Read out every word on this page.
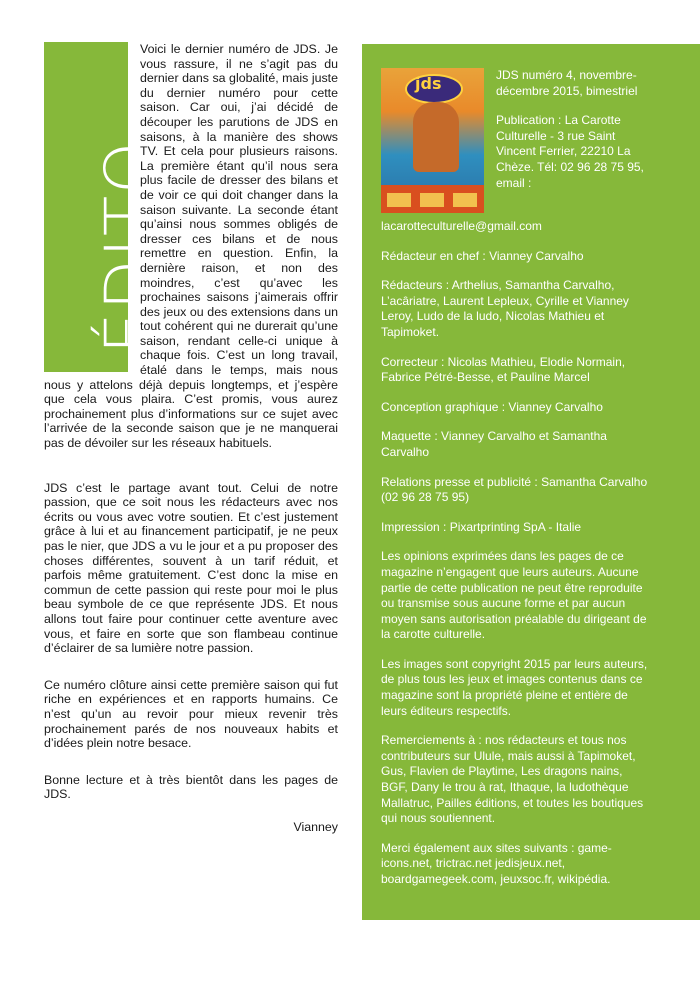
ÉDITO

Voici le dernier numéro de JDS. Je vous rassure, il ne s’agit pas du dernier dans sa globalité, mais juste du dernier numéro pour cette saison. Car oui, j’ai décidé de découper les parutions de JDS en saisons, à la manière des shows TV. Et cela pour plusieurs raisons. La première étant qu’il nous sera plus facile de dresser des bilans et de voir ce qui doit changer dans la saison suivante. La seconde étant qu’ainsi nous sommes obligés de dresser ces bilans et de nous remettre en question. Enfin, la dernière raison, et non des moindres, c’est qu’avec les prochaines saisons j’aimerais offrir des jeux ou des extensions dans un tout cohérent qui ne durerait qu’une saison, rendant celle-ci unique à chaque fois. C’est un long travail, étalé dans le temps, mais nous nous y attelons déjà depuis longtemps, et j’espère que cela vous plaira. C’est promis, vous aurez prochainement plus d’informations sur ce sujet avec l’arrivée de la seconde saison que je ne manquerai pas de dévoiler sur les réseaux habituels.

JDS c’est le partage avant tout. Celui de notre passion, que ce soit nous les rédacteurs avec nos écrits ou vous avec votre soutien. Et c’est justement grâce à lui et au financement participatif, je ne peux pas le nier, que JDS a vu le jour et a pu proposer des choses différentes, souvent à un tarif réduit, et parfois même gratuitement. C’est donc la mise en commun de cette passion qui reste pour moi le plus beau symbole de ce que représente JDS. Et nous allons tout faire pour continuer cette aventure avec vous, et faire en sorte que son flambeau continue d’éclairer de sa lumière notre passion.

Ce numéro clôture ainsi cette première saison qui fut riche en expériences et en rapports humains. Ce n’est qu’un au revoir pour mieux revenir très prochainement parés de nos nouveaux habits et d’idées plein notre besace.

Bonne lecture et à très bientôt dans les pages de JDS.

Vianney
jds	JDS numéro 4, novembre-décembre 2015, bimestriel
Publication : La Carotte Culturelle - 3 rue Saint Vincent Ferrier, 22210 La Chèze. Tél: 02 96 28 75 95, email : lacarotteculturelle@gmail.com

Rédacteur en chef : Vianney Carvalho

Rédacteurs : Arthelius, Samantha Carvalho, L’acâriatre, Laurent Lepleux, Cyrille et Vianney Leroy, Ludo de la ludo, Nicolas Mathieu et Tapimoket.

Correcteur : Nicolas Mathieu, Elodie Normain, Fabrice Pétré-Besse, et Pauline Marcel

Conception graphique : Vianney Carvalho

Maquette : Vianney Carvalho et Samantha Carvalho

Relations presse et publicité : Samantha Carvalho (02 96 28 75 95)

Impression : Pixartprinting SpA - Italie

Les opinions exprimées dans les pages de ce magazine n’engagent que leurs auteurs. Aucune partie de cette publication ne peut être reproduite ou transmise sous aucune forme et par aucun moyen sans autorisation préalable du dirigeant de la carotte culturelle.

Les images sont copyright 2015 par leurs auteurs, de plus tous les jeux et images contenus dans ce magazine sont la propriété pleine et entière de leurs éditeurs respectifs.

Remerciements à : nos rédacteurs et tous nos contributeurs sur Ulule, mais aussi à Tapimoket, Gus, Flavien de Playtime, Les dragons nains, BGF, Dany le trou à rat, Ithaque, la ludothèque Mallatruc, Pailles éditions, et toutes les boutiques qui nous soutiennent.

Merci également aux sites suivants : game-icons.net, trictrac.net jedisjeux.net, boardgamegeek.com, jeuxsoc.fr, wikipédia.
